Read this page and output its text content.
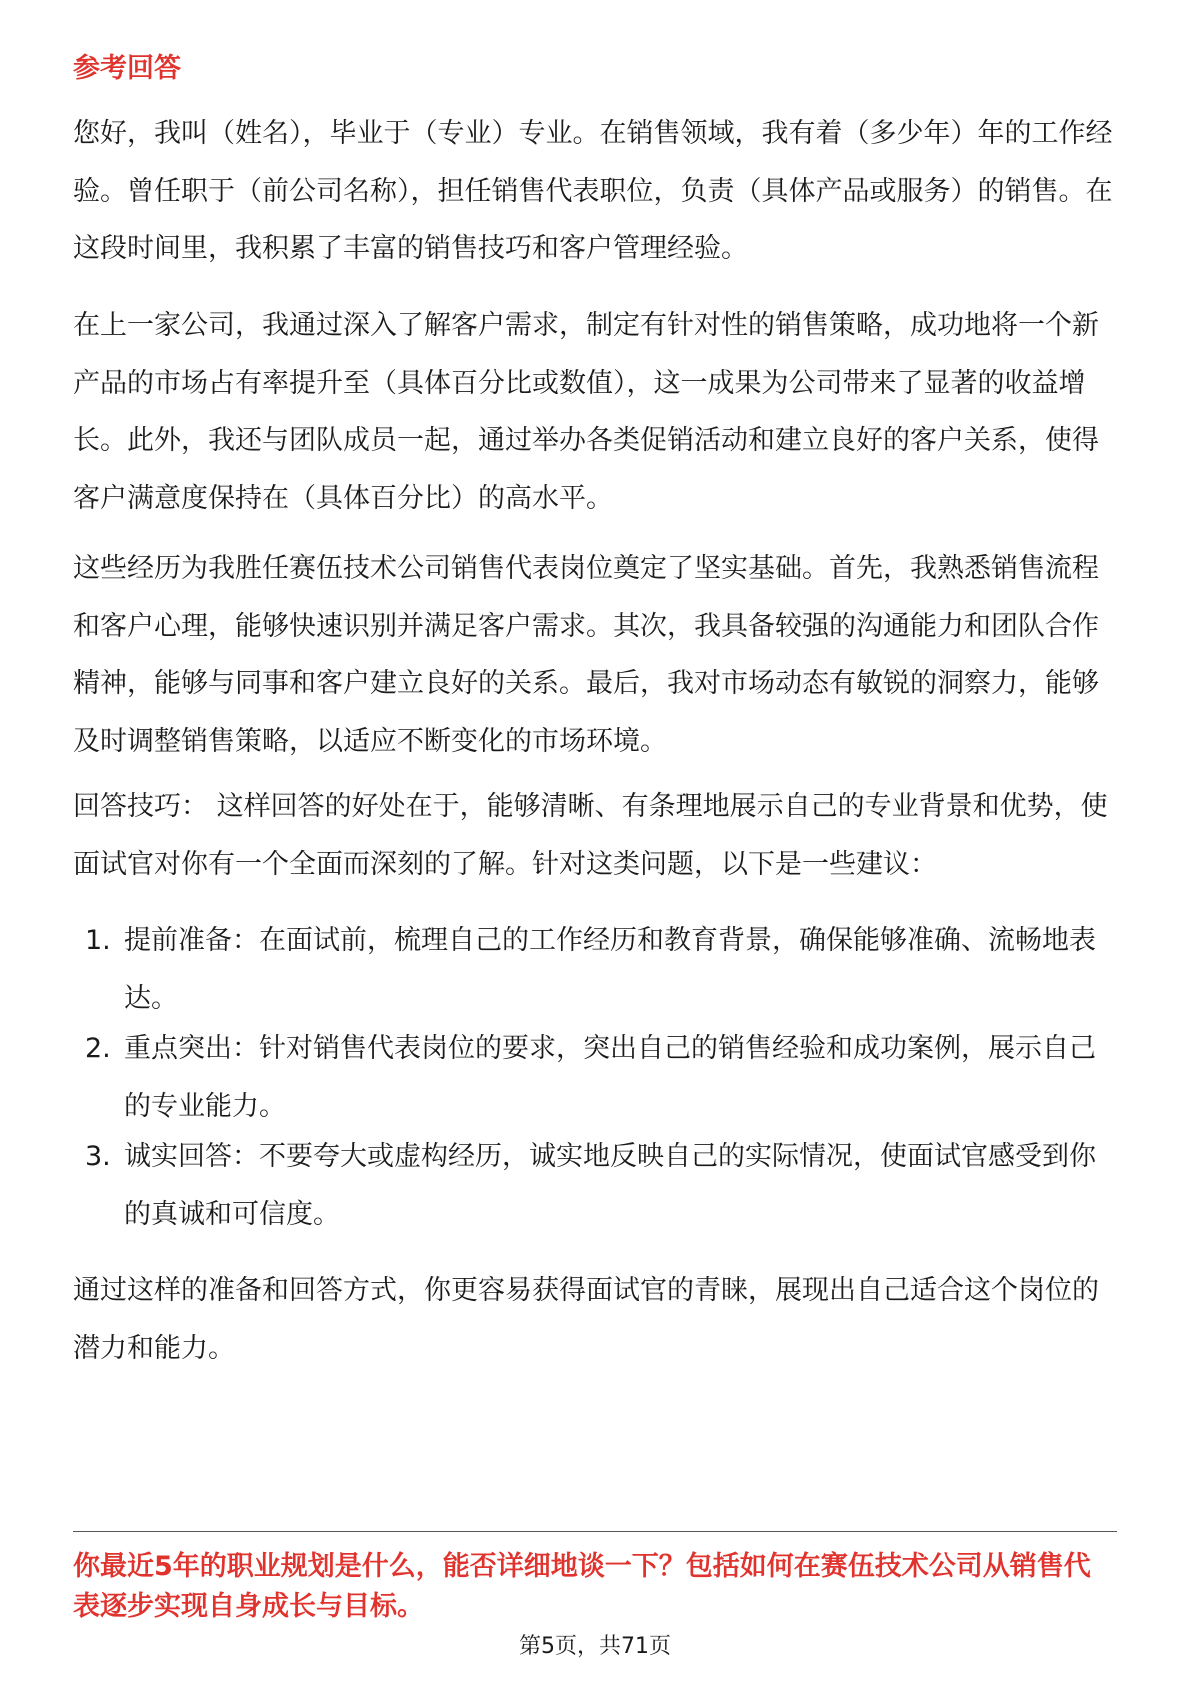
参考回答

您好，我叫（姓名），毕业于（专业）专业。在销售领域，我有着（多少年）年的工作经验。曾任职于（前公司名称），担任销售代表职位，负责（具体产品或服务）的销售。在这段时间里，我积累了丰富的销售技巧和客户管理经验。

在上一家公司，我通过深入了解客户需求，制定有针对性的销售策略，成功地将一个新产品的市场占有率提升至（具体百分比或数值），这一成果为公司带来了显著的收益增长。此外，我还与团队成员一起，通过举办各类促销活动和建立良好的客户关系，使得客户满意度保持在（具体百分比）的高水平。

这些经历为我胜任赛伍技术公司销售代表岗位奠定了坚实基础。首先，我熟悉销售流程和客户心理，能够快速识别并满足客户需求。其次，我具备较强的沟通能力和团队合作精神，能够与同事和客户建立良好的关系。最后，我对市场动态有敏锐的洞察力，能够及时调整销售策略，以适应不断变化的市场环境。

回答技巧： 这样回答的好处在于，能够清晰、有条理地展示自己的专业背景和优势，使面试官对你有一个全面而深刻的了解。针对这类问题，以下是一些建议：

1. 提前准备：在面试前，梳理自己的工作经历和教育背景，确保能够准确、流畅地表达。
2. 重点突出：针对销售代表岗位的要求，突出自己的销售经验和成功案例，展示自己的专业能力。
3. 诚实回答：不要夸大或虚构经历，诚实地反映自己的实际情况，使面试官感受到你的真诚和可信度。

通过这样的准备和回答方式，你更容易获得面试官的青睐，展现出自己适合这个岗位的潜力和能力。

你最近5年的职业规划是什么，能否详细地谈一下？包括如何在赛伍技术公司从销售代表逐步实现自身成长与目标。
第5页，共71页
